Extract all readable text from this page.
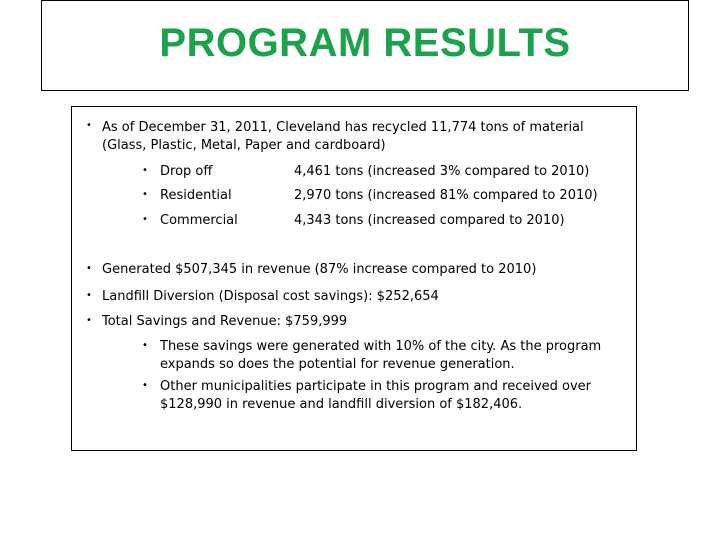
PROGRAM RESULTS
• As of December 31, 2011, Cleveland has recycled 11,774 tons of material (Glass, Plastic, Metal, Paper and cardboard)
• Drop off	4,461 tons (increased 3% compared to 2010)
• Residential	2,970 tons (increased 81% compared to 2010)
• Commercial	4,343 tons (increased compared to 2010)
• Generated $507,345 in revenue (87% increase compared to 2010)
• Landfill Diversion (Disposal cost savings): $252,654
• Total Savings and Revenue: $759,999
• These savings were generated with 10% of the city. As the program expands so does the potential for revenue generation.
• Other municipalities participate in this program and received over $128,990 in revenue and landfill diversion of $182,406.
